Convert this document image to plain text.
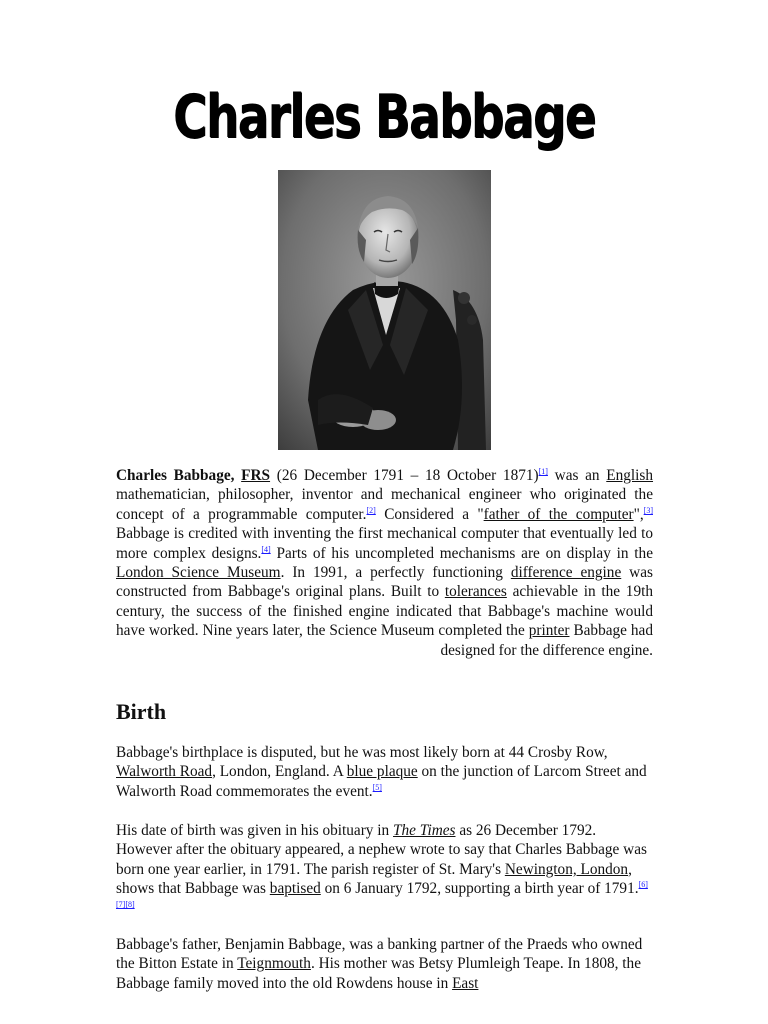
Charles Babbage

Charles Babbage, FRS (26 December 1791 – 18 October 1871)[1] was an English mathematician, philosopher, inventor and mechanical engineer who originated the concept of a programmable computer.[2] Considered a "father of the computer",[3] Babbage is credited with inventing the first mechanical computer that eventually led to more complex designs.[4] Parts of his uncompleted mechanisms are on display in the London Science Museum. In 1991, a perfectly functioning difference engine was constructed from Babbage's original plans. Built to tolerances achievable in the 19th century, the success of the finished engine indicated that Babbage's machine would have worked. Nine years later, the Science Museum completed the printer Babbage had designed for the difference engine.

Birth

Babbage's birthplace is disputed, but he was most likely born at 44 Crosby Row, Walworth Road, London, England. A blue plaque on the junction of Larcom Street and Walworth Road commemorates the event.[5]

His date of birth was given in his obituary in The Times as 26 December 1792. However after the obituary appeared, a nephew wrote to say that Charles Babbage was born one year earlier, in 1791. The parish register of St. Mary's Newington, London, shows that Babbage was baptised on 6 January 1792, supporting a birth year of 1791.[6][7][8]

Babbage's father, Benjamin Babbage, was a banking partner of the Praeds who owned the Bitton Estate in Teignmouth. His mother was Betsy Plumleigh Teape. In 1808, the Babbage family moved into the old Rowdens house in East
